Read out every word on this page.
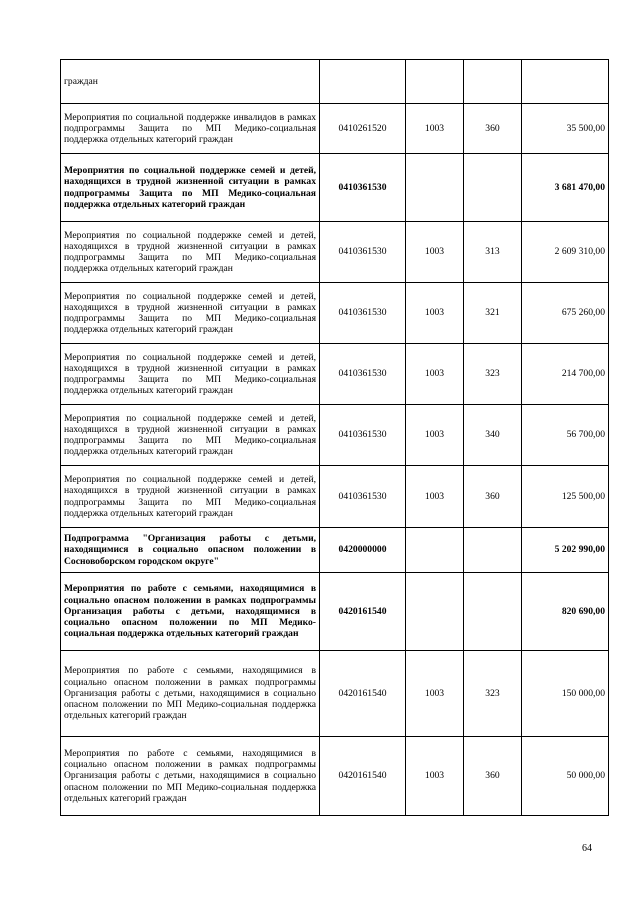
граждан				
Мероприятия по социальной поддержке инвалидов в рамках подпрограммы Защита по МП Медико-социальная поддержка отдельных категорий граждан	0410261520	1003	360	35 500,00
Мероприятия по социальной поддержке семей и детей, находящихся в трудной жизненной ситуации в рамках подпрограммы Защита по МП Медико-социальная поддержка отдельных категорий граждан	0410361530			3 681 470,00
Мероприятия по социальной поддержке семей и детей, находящихся в трудной жизненной ситуации в рамках подпрограммы Защита по МП Медико-социальная поддержка отдельных категорий граждан	0410361530	1003	313	2 609 310,00
Мероприятия по социальной поддержке семей и детей, находящихся в трудной жизненной ситуации в рамках подпрограммы Защита по МП Медико-социальная поддержка отдельных категорий граждан	0410361530	1003	321	675 260,00
Мероприятия по социальной поддержке семей и детей, находящихся в трудной жизненной ситуации в рамках подпрограммы Защита по МП Медико-социальная поддержка отдельных категорий граждан	0410361530	1003	323	214 700,00
Мероприятия по социальной поддержке семей и детей, находящихся в трудной жизненной ситуации в рамках подпрограммы Защита по МП Медико-социальная поддержка отдельных категорий граждан	0410361530	1003	340	56 700,00
Мероприятия по социальной поддержке семей и детей, находящихся в трудной жизненной ситуации в рамках подпрограммы Защита по МП Медико-социальная поддержка отдельных категорий граждан	0410361530	1003	360	125 500,00
Подпрограмма "Организация работы с детьми, находящимися в социально опасном положении в Сосновоборском городском округе"	0420000000			5 202 990,00
Мероприятия по работе с семьями, находящимися в социально опасном положении в рамках подпрограммы Организация работы с детьми, находящимися в социально опасном положении по МП Медико-социальная поддержка отдельных категорий граждан	0420161540			820 690,00
Мероприятия по работе с семьями, находящимися в социально опасном положении в рамках подпрограммы Организация работы с детьми, находящимися в социально опасном положении по МП Медико-социальная поддержка отдельных категорий граждан	0420161540	1003	323	150 000,00
Мероприятия по работе с семьями, находящимися в социально опасном положении в рамках подпрограммы Организация работы с детьми, находящимися в социально опасном положении по МП Медико-социальная поддержка отдельных категорий граждан	0420161540	1003	360	50 000,00
64
